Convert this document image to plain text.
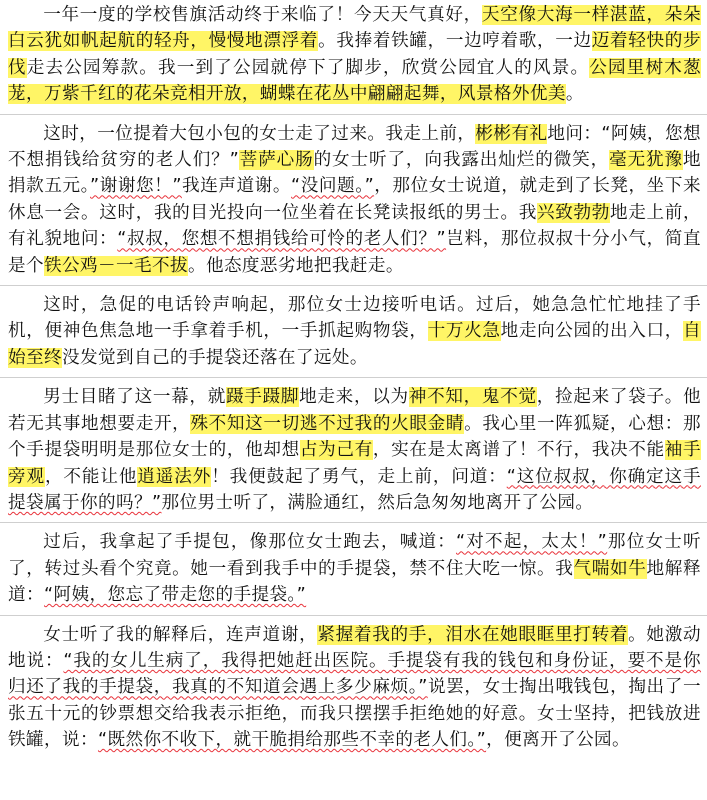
一年一度的学校售旗活动终于来临了！今天天气真好，天空像大海一样湛蓝，朵朵白云犹如帆起航的轻舟，慢慢地漂浮着。我捧着铁罐，一边哼着歌，一边迈着轻快的步伐走去公园筹款。我一到了公园就停下了脚步，欣赏公园宜人的风景。公园里树木葱茏，万紫千红的花朵竞相开放，蝴蝶在花丛中翩翩起舞，风景格外优美。

这时，一位提着大包小包的女士走了过来。我走上前，彬彬有礼地问：“阿姨，您想不想捐钱给贫穷的老人们？”菩萨心肠的女士听了，向我露出灿烂的微笑，毫无犹豫地捐款五元。”谢谢您！”我连声道谢。“没问题。”，那位女士说道，就走到了长凳，坐下来休息一会。这时，我的目光投向一位坐着在长凳读报纸的男士。我兴致勃勃地走上前，有礼貌地问：“叔叔，您想不想捐钱给可怜的老人们？”岂料，那位叔叔十分小气，简直是个铁公鸡－一毛不拔。他态度恶劣地把我赶走。

这时，急促的电话铃声响起，那位女士边接听电话。过后，她急急忙忙地挂了手机，便神色焦急地一手拿着手机，一手抓起购物袋，十万火急地走向公园的出入口，自始至终没发觉到自己的手提袋还落在了远处。

男士目睹了这一幕，就蹑手蹑脚地走来，以为神不知，鬼不觉，捡起来了袋子。他若无其事地想要走开，殊不知这一切逃不过我的火眼金睛。我心里一阵狐疑，心想：那个手提袋明明是那位女士的，他却想占为己有，实在是太离谱了！不行，我决不能袖手旁观，不能让他逍遥法外！我便鼓起了勇气，走上前，问道：“这位叔叔，你确定这手提袋属于你的吗？”那位男士听了，满脸通红，然后急匆匆地离开了公园。

过后，我拿起了手提包，像那位女士跑去，喊道：“对不起，太太！”那位女士听了，转过头看个究竟。她一看到我手中的手提袋，禁不住大吃一惊。我气喘如牛地解释道：“阿姨，您忘了带走您的手提袋。”

女士听了我的解释后，连声道谢，紧握着我的手，泪水在她眼眶里打转着。她激动地说：“我的女儿生病了，我得把她赶出医院。手提袋有我的钱包和身份证，要不是你归还了我的手提袋，我真的不知道会遇上多少麻烦。”说罢，女士掏出哦钱包，掏出了一张五十元的钞票想交给我表示拒绝，而我只摆摆手拒绝她的好意。女士坚持，把钱放进铁罐，说：“既然你不收下，就干脆捐给那些不幸的老人们。”，便离开了公园。
